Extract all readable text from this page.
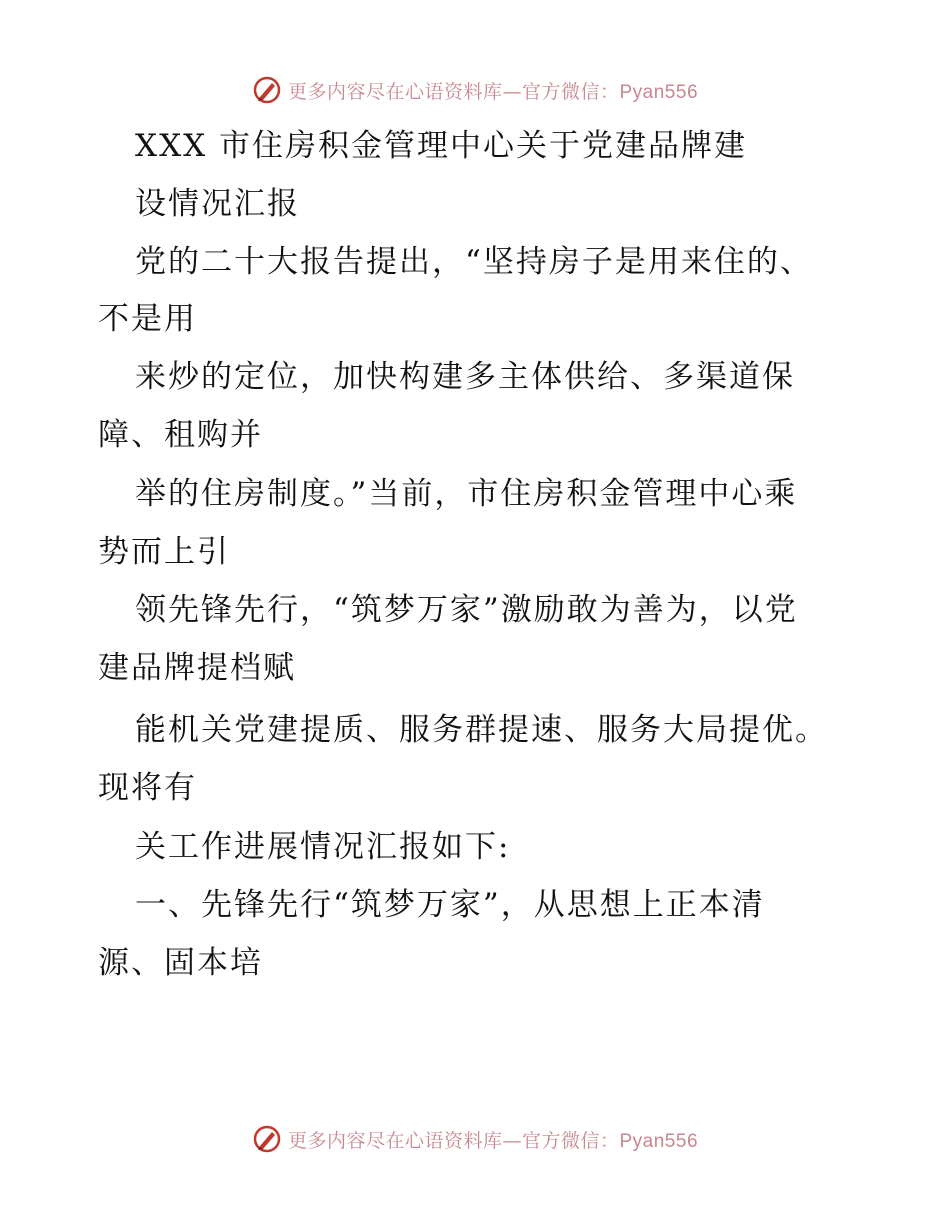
更多内容尽在心语资料库—官方微信：Pyan556
XXX 市住房积金管理中心关于党建品牌建
设情况汇报
党的二十大报告提出，“坚持房子是用来住的、
不是用
来炒的定位，加快构建多主体供给、多渠道保
障、租购并
举的住房制度。”当前，市住房积金管理中心乘
势而上引
领先锋先行，“筑梦万家”激励敢为善为，以党
建品牌提档赋
能机关党建提质、服务群提速、服务大局提优。
现将有
关工作进展情况汇报如下:
一、先锋先行“筑梦万家”，从思想上正本清
源、固本培
更多内容尽在心语资料库—官方微信：Pyan556
